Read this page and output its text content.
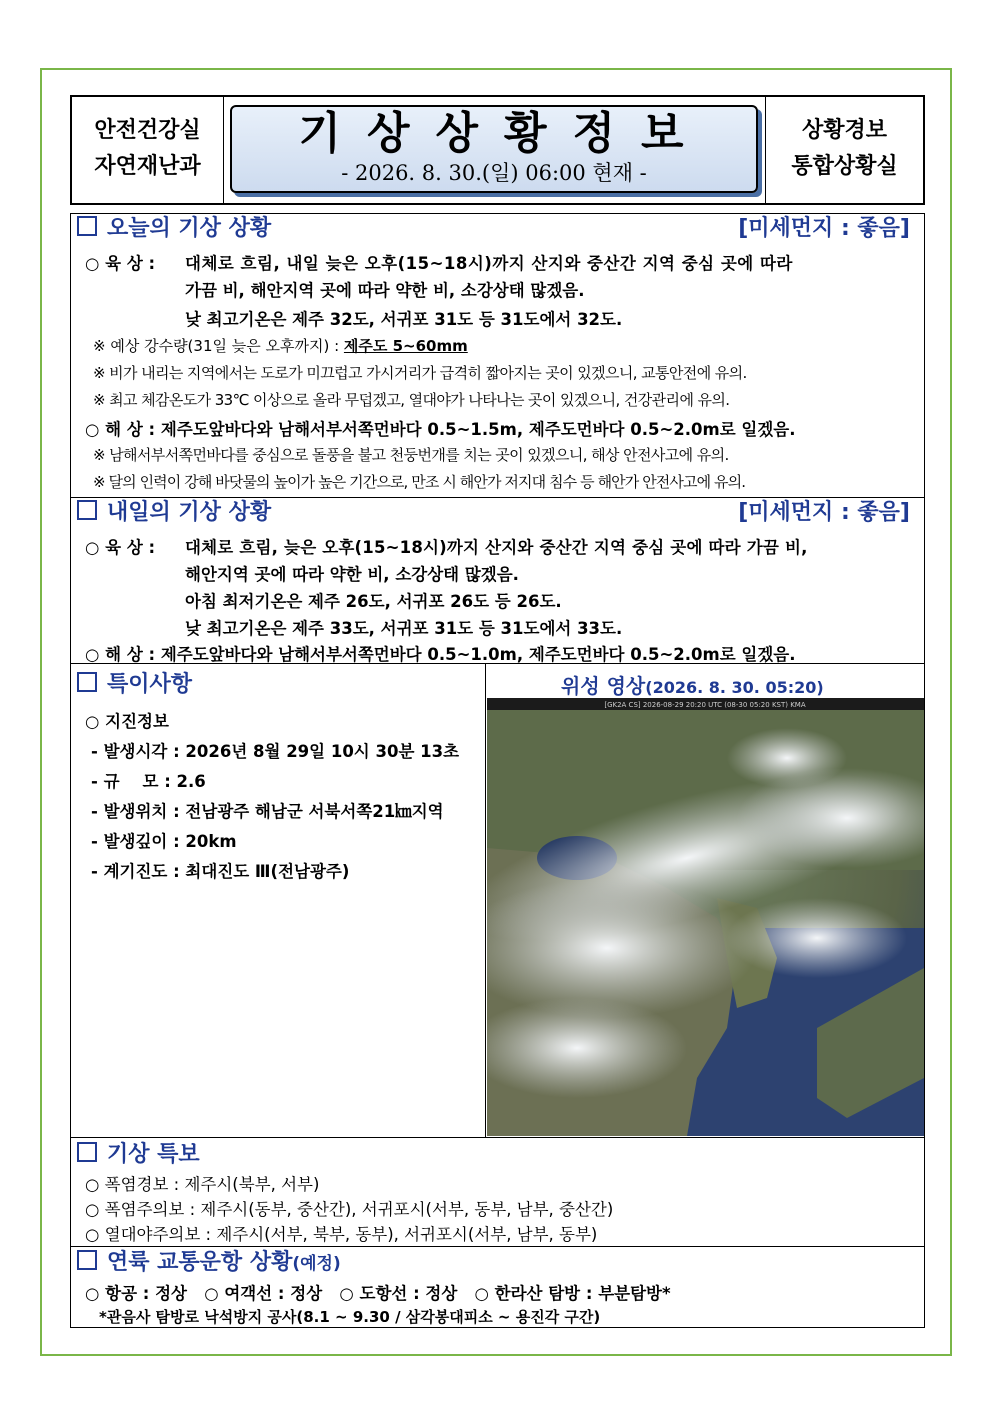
안전건강실
자연재난과
기상상황정보
- 2026. 8. 30.(일) 06:00 현재 -
상황경보
통합상황실
오늘의 기상 상황	[미세먼지 : 좋음]
○ 육 상 : 대체로 흐림, 내일 늦은 오후(15~18시)까지 산지와 중산간 지역 중심 곳에 따라
가끔 비, 해안지역 곳에 따라 약한 비, 소강상태 많겠음.
낮 최고기온은 제주 32도, 서귀포 31도 등 31도에서 32도.
※ 예상 강수량(31일 늦은 오후까지) : 제주도 5~60mm
※ 비가 내리는 지역에서는 도로가 미끄럽고 가시거리가 급격히 짧아지는 곳이 있겠으니, 교통안전에 유의.
※ 최고 체감온도가 33℃ 이상으로 올라 무덥겠고, 열대야가 나타나는 곳이 있겠으니, 건강관리에 유의.
○ 해 상 : 제주도앞바다와 남해서부서쪽먼바다 0.5~1.5m, 제주도먼바다 0.5~2.0m로 일겠음.
※ 남해서부서쪽먼바다를 중심으로 돌풍을 불고 천둥번개를 치는 곳이 있겠으니, 해상 안전사고에 유의.
※ 달의 인력이 강해 바닷물의 높이가 높은 기간으로, 만조 시 해안가 저지대 침수 등 해안가 안전사고에 유의.
내일의 기상 상황	[미세먼지 : 좋음]
○ 육 상 : 대체로 흐림, 늦은 오후(15~18시)까지 산지와 중산간 지역 중심 곳에 따라 가끔 비,
해안지역 곳에 따라 약한 비, 소강상태 많겠음.
아침 최저기온은 제주 26도, 서귀포 26도 등 26도.
낮 최고기온은 제주 33도, 서귀포 31도 등 31도에서 33도.
○ 해 상 : 제주도앞바다와 남해서부서쪽먼바다 0.5~1.0m, 제주도먼바다 0.5~2.0m로 일겠음.
특이사항
○ 지진정보
- 발생시각 : 2026년 8월 29일 10시 30분 13초
- 규    모 : 2.6
- 발생위치 : 전남광주 해남군 서북서쪽21㎞지역
- 발생깊이 : 20km
- 계기진도 : 최대진도 Ⅲ(전남광주)
위성 영상(2026. 8. 30. 05:20)
[GK2A CS] 2026-08-29 20:20 UTC (08-30 05:20 KST) KMA
기상 특보
○ 폭염경보 : 제주시(북부, 서부)
○ 폭염주의보 : 제주시(동부, 중산간), 서귀포시(서부, 동부, 남부, 중산간)
○ 열대야주의보 : 제주시(서부, 북부, 동부), 서귀포시(서부, 남부, 동부)
연륙 교통운항 상황(예정)
○ 항공 : 정상   ○ 여객선 : 정상   ○ 도항선 : 정상   ○ 한라산 탐방 : 부분탐방*
*관음사 탐방로 낙석방지 공사(8.1 ~ 9.30 / 삼각봉대피소 ~ 용진각 구간)
